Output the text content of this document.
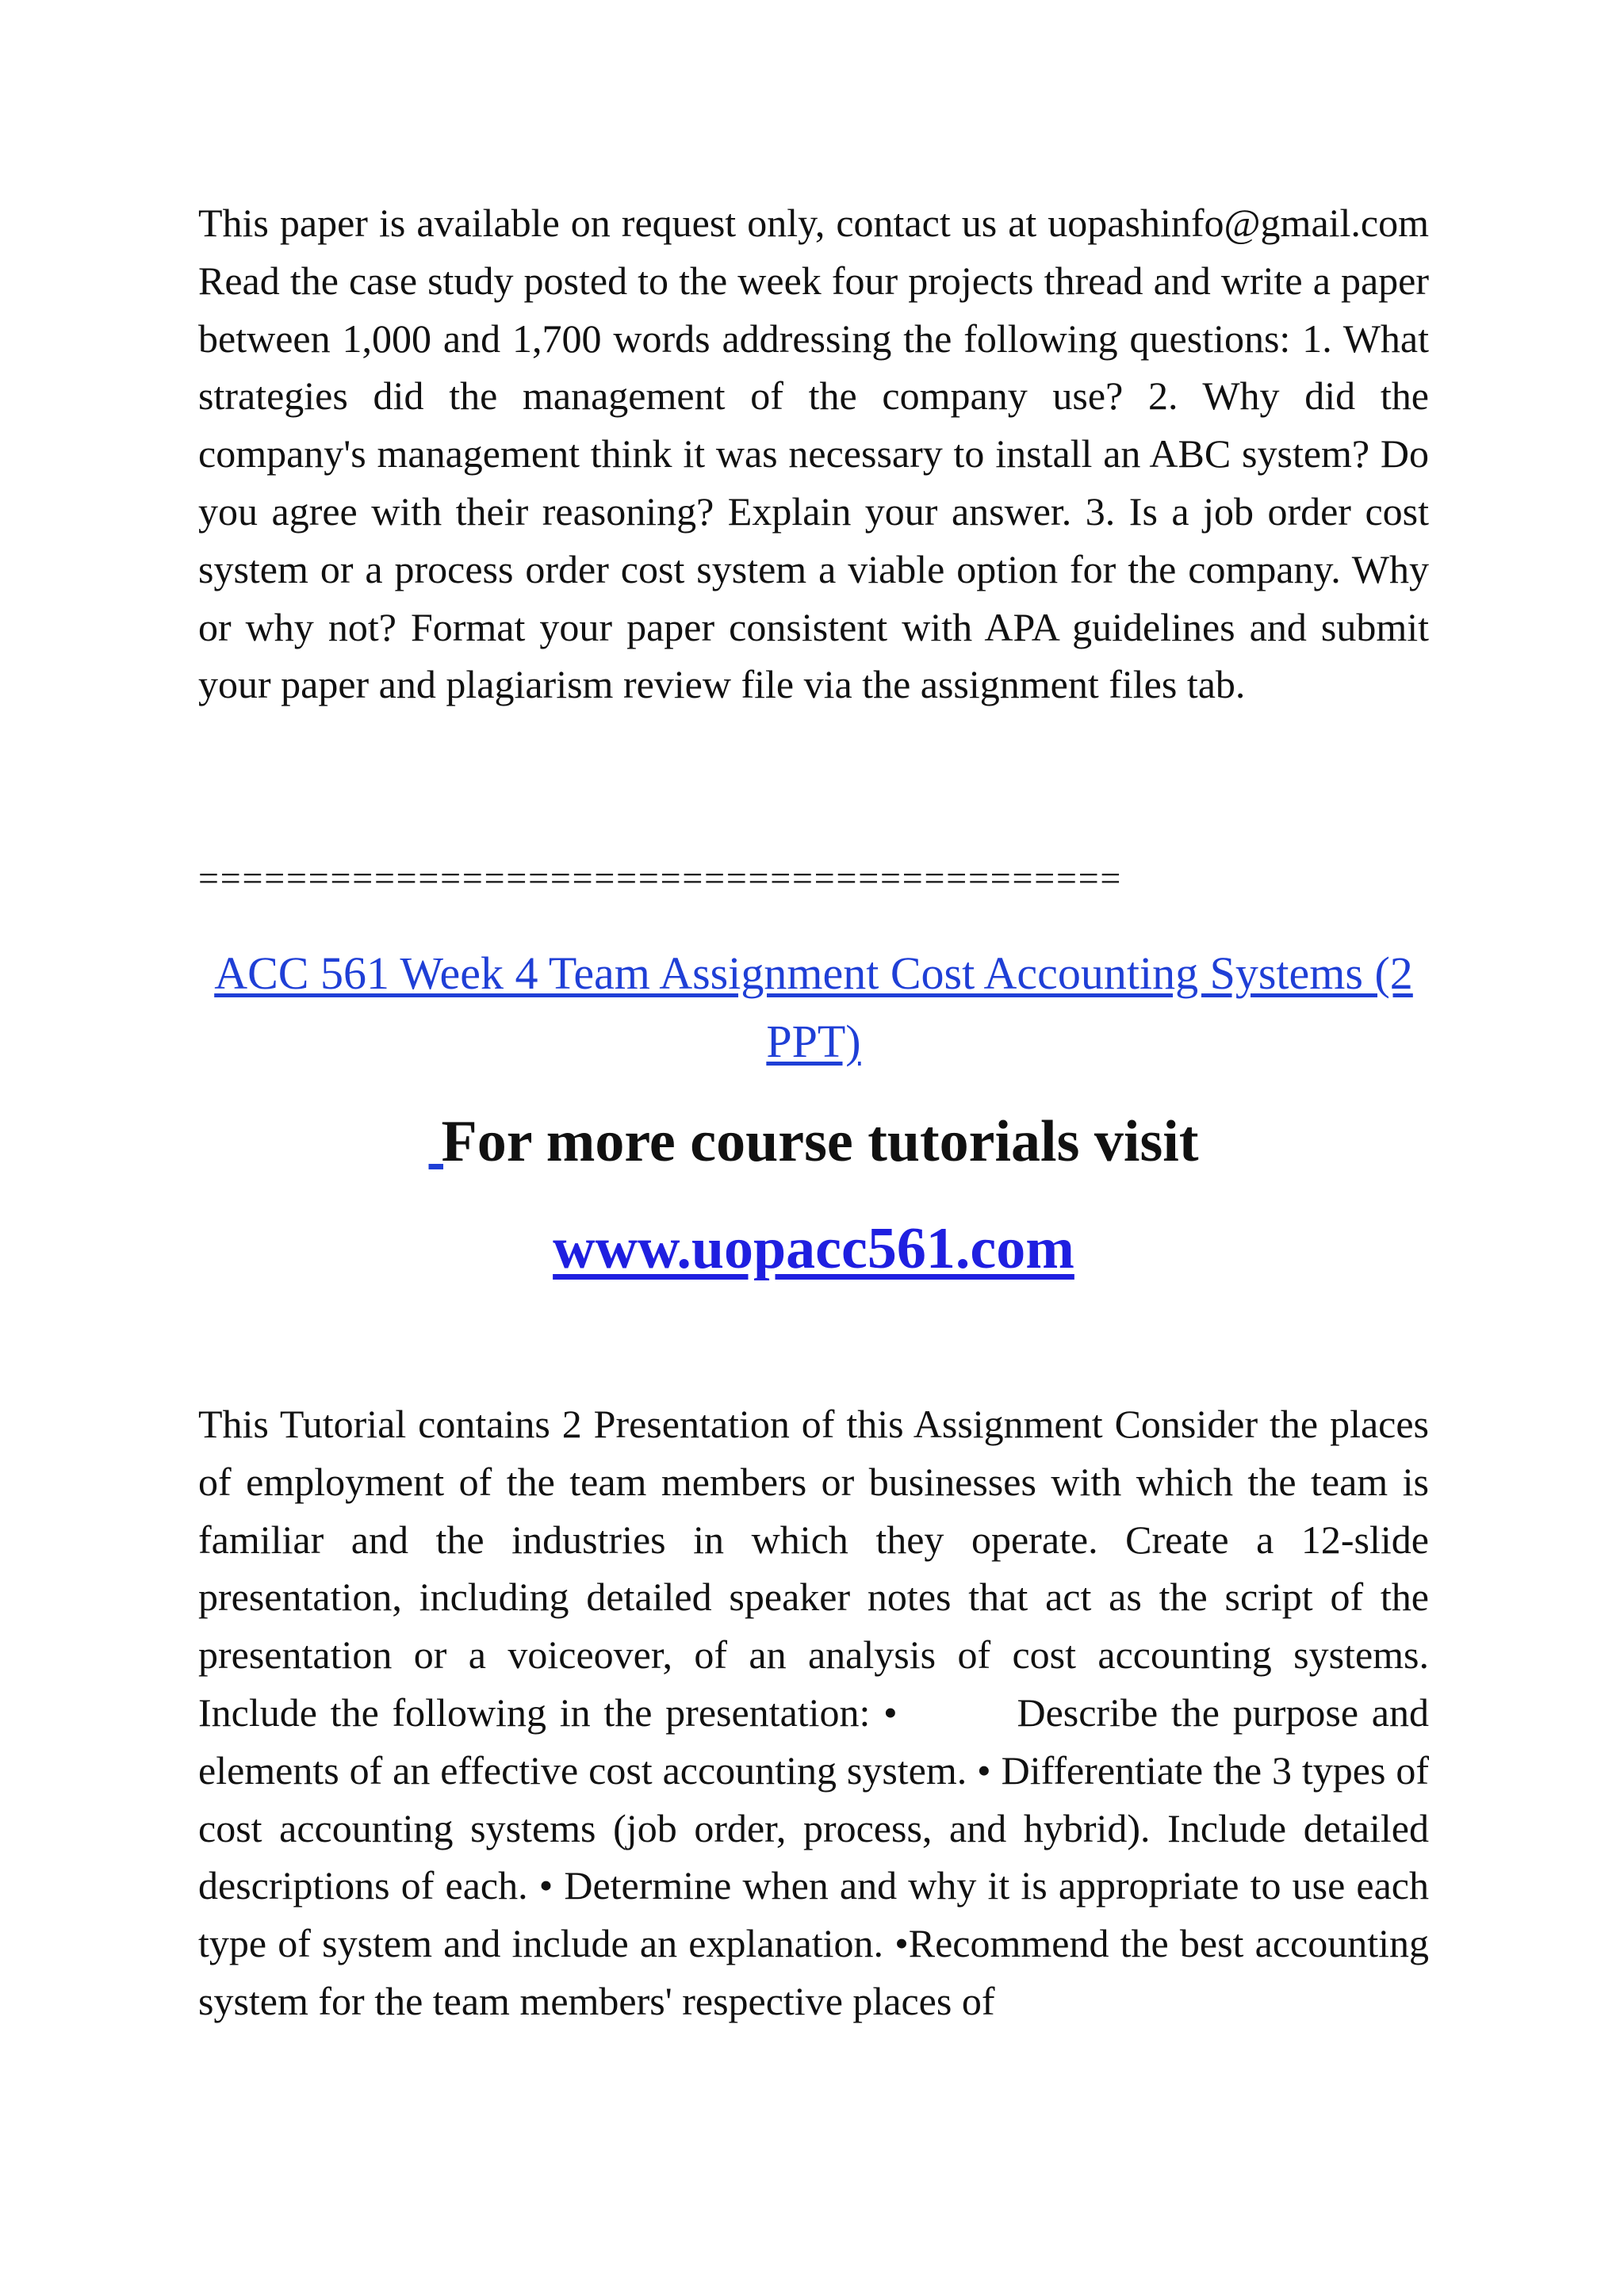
This paper is available on request only, contact us at uopashinfo@gmail.com Read the case study posted to the week four projects thread and write a paper between 1,000 and 1,700 words addressing the following questions: 1. What strategies did the management of the company use? 2. Why did the company's management think it was necessary to install an ABC system? Do you agree with their reasoning? Explain your answer. 3. Is a job order cost system or a process order cost system a viable option for the company. Why or why not? Format your paper consistent with APA guidelines and submit your paper and plagiarism review file via the assignment files tab.

==========================================
ACC 561 Week 4 Team Assignment Cost Accounting Systems (2 PPT)
For more course tutorials visit
www.uopacc561.com

This Tutorial contains 2 Presentation of this Assignment Consider the places of employment of the team members or businesses with which the team is familiar and the industries in which they operate. Create a 12-slide presentation, including detailed speaker notes that act as the script of the presentation or a voiceover, of an analysis of cost accounting systems. Include the following in the presentation: •         Describe the purpose and elements of an effective cost accounting system. • Differentiate the 3 types of cost accounting systems (job order, process, and hybrid). Include detailed descriptions of each. • Determine when and why it is appropriate to use each type of system and include an explanation. •Recommend the best accounting system for the team members' respective places of
